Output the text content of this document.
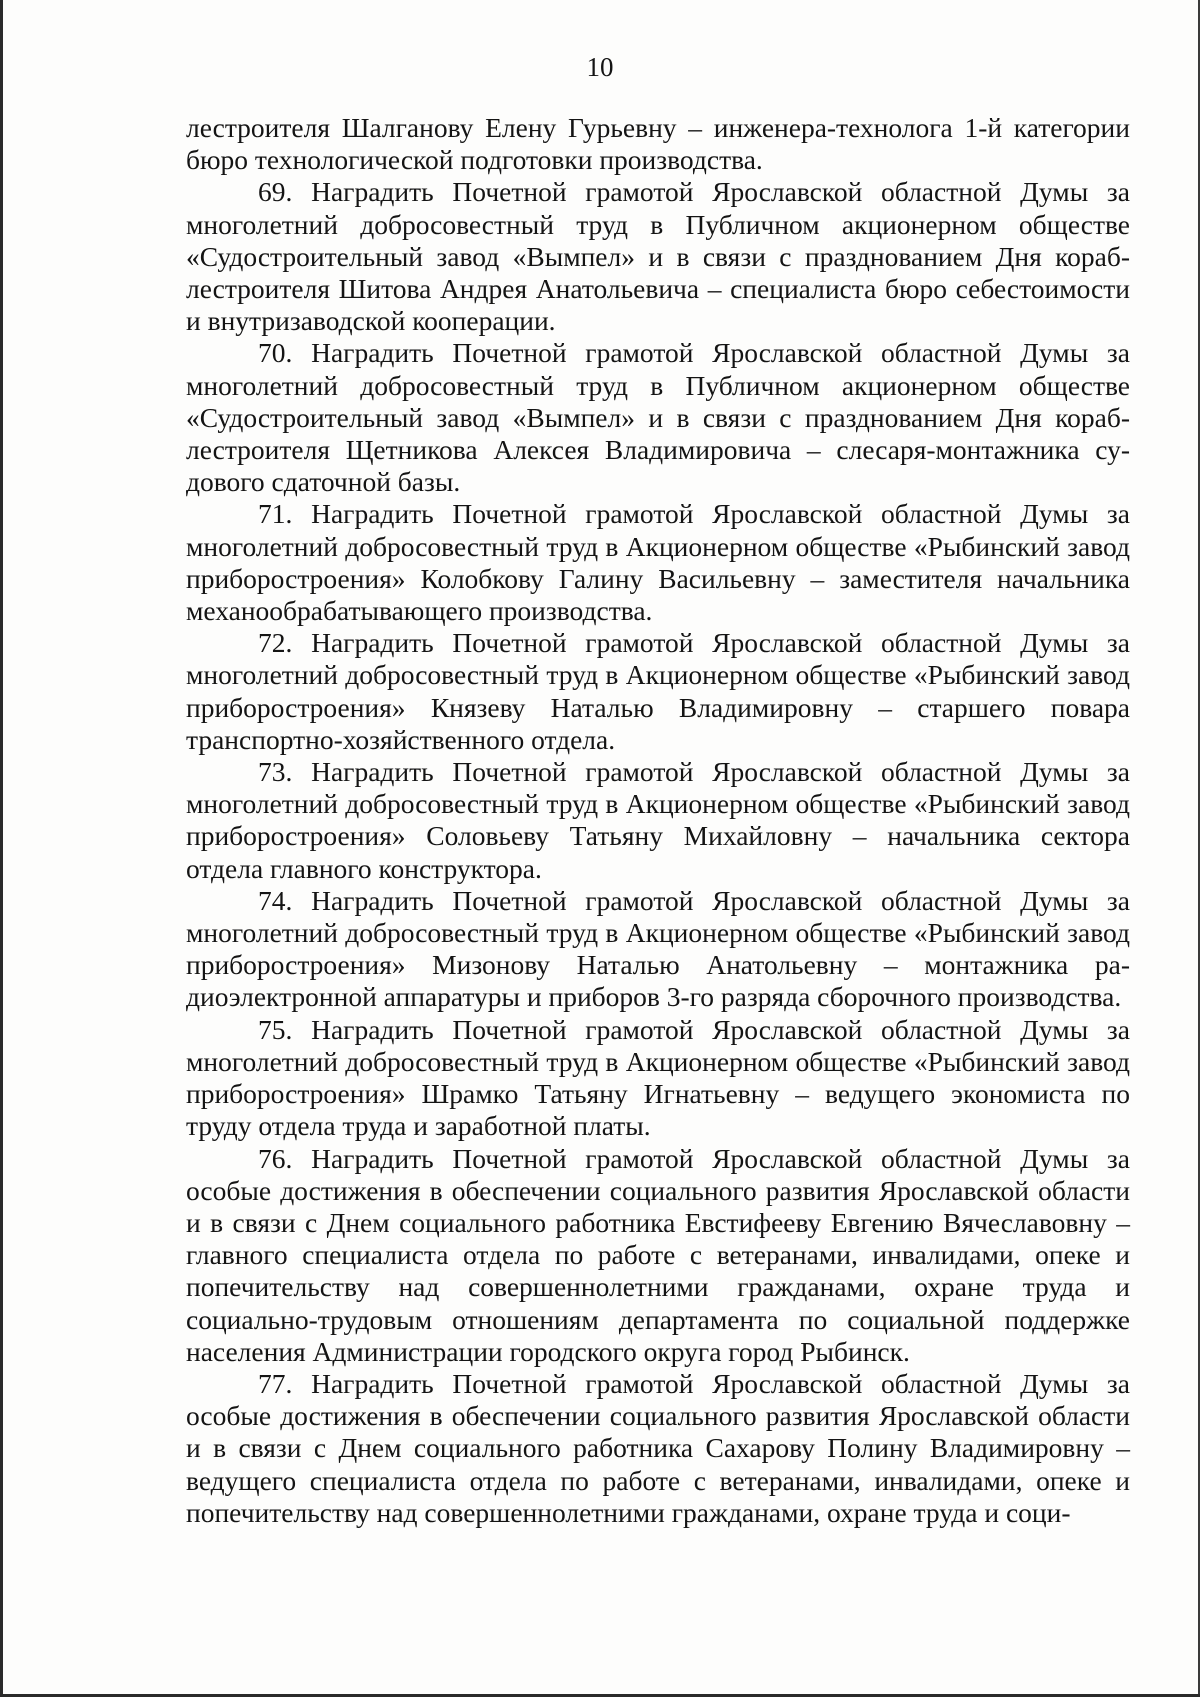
10

лестроителя Шалганову Елену Гурьевну – инженера-технолога 1-й категории бюро технологической подготовки производства.

69. Наградить Почетной грамотой Ярославской областной Думы за многолетний добросовестный труд в Публичном акционерном обществе «Судостроительный завод «Вымпел» и в связи с празднованием Дня кораблестроителя Шитова Андрея Анатольевича – специалиста бюро себестоимости и внутризаводской кооперации.

70. Наградить Почетной грамотой Ярославской областной Думы за многолетний добросовестный труд в Публичном акционерном обществе «Судостроительный завод «Вымпел» и в связи с празднованием Дня кораблестроителя Щетникова Алексея Владимировича – слесаря-монтажника судового сдаточной базы.

71. Наградить Почетной грамотой Ярославской областной Думы за многолетний добросовестный труд в Акционерном обществе «Рыбинский завод приборостроения» Колобкову Галину Васильевну – заместителя начальника механообрабатывающего производства.

72. Наградить Почетной грамотой Ярославской областной Думы за многолетний добросовестный труд в Акционерном обществе «Рыбинский завод приборостроения» Князеву Наталью Владимировну – старшего повара транспортно-хозяйственного отдела.

73. Наградить Почетной грамотой Ярославской областной Думы за многолетний добросовестный труд в Акционерном обществе «Рыбинский завод приборостроения» Соловьеву Татьяну Михайловну – начальника сектора отдела главного конструктора.

74. Наградить Почетной грамотой Ярославской областной Думы за многолетний добросовестный труд в Акционерном обществе «Рыбинский завод приборостроения» Мизонову Наталью Анатольевну – монтажника радиоэлектронной аппаратуры и приборов 3-го разряда сборочного производства.

75. Наградить Почетной грамотой Ярославской областной Думы за многолетний добросовестный труд в Акционерном обществе «Рыбинский завод приборостроения» Шрамко Татьяну Игнатьевну – ведущего экономиста по труду отдела труда и заработной платы.

76. Наградить Почетной грамотой Ярославской областной Думы за особые достижения в обеспечении социального развития Ярославской области и в связи с Днем социального работника Евстифееву Евгению Вячеславовну – главного специалиста отдела по работе с ветеранами, инвалидами, опеке и попечительству над совершеннолетними гражданами, охране труда и социально-трудовым отношениям департамента по социальной поддержке населения Администрации городского округа город Рыбинск.

77. Наградить Почетной грамотой Ярославской областной Думы за особые достижения в обеспечении социального развития Ярославской области и в связи с Днем социального работника Сахарову Полину Владимировну – ведущего специалиста отдела по работе с ветеранами, инвалидами, опеке и попечительству над совершеннолетними гражданами, охране труда и соци-
